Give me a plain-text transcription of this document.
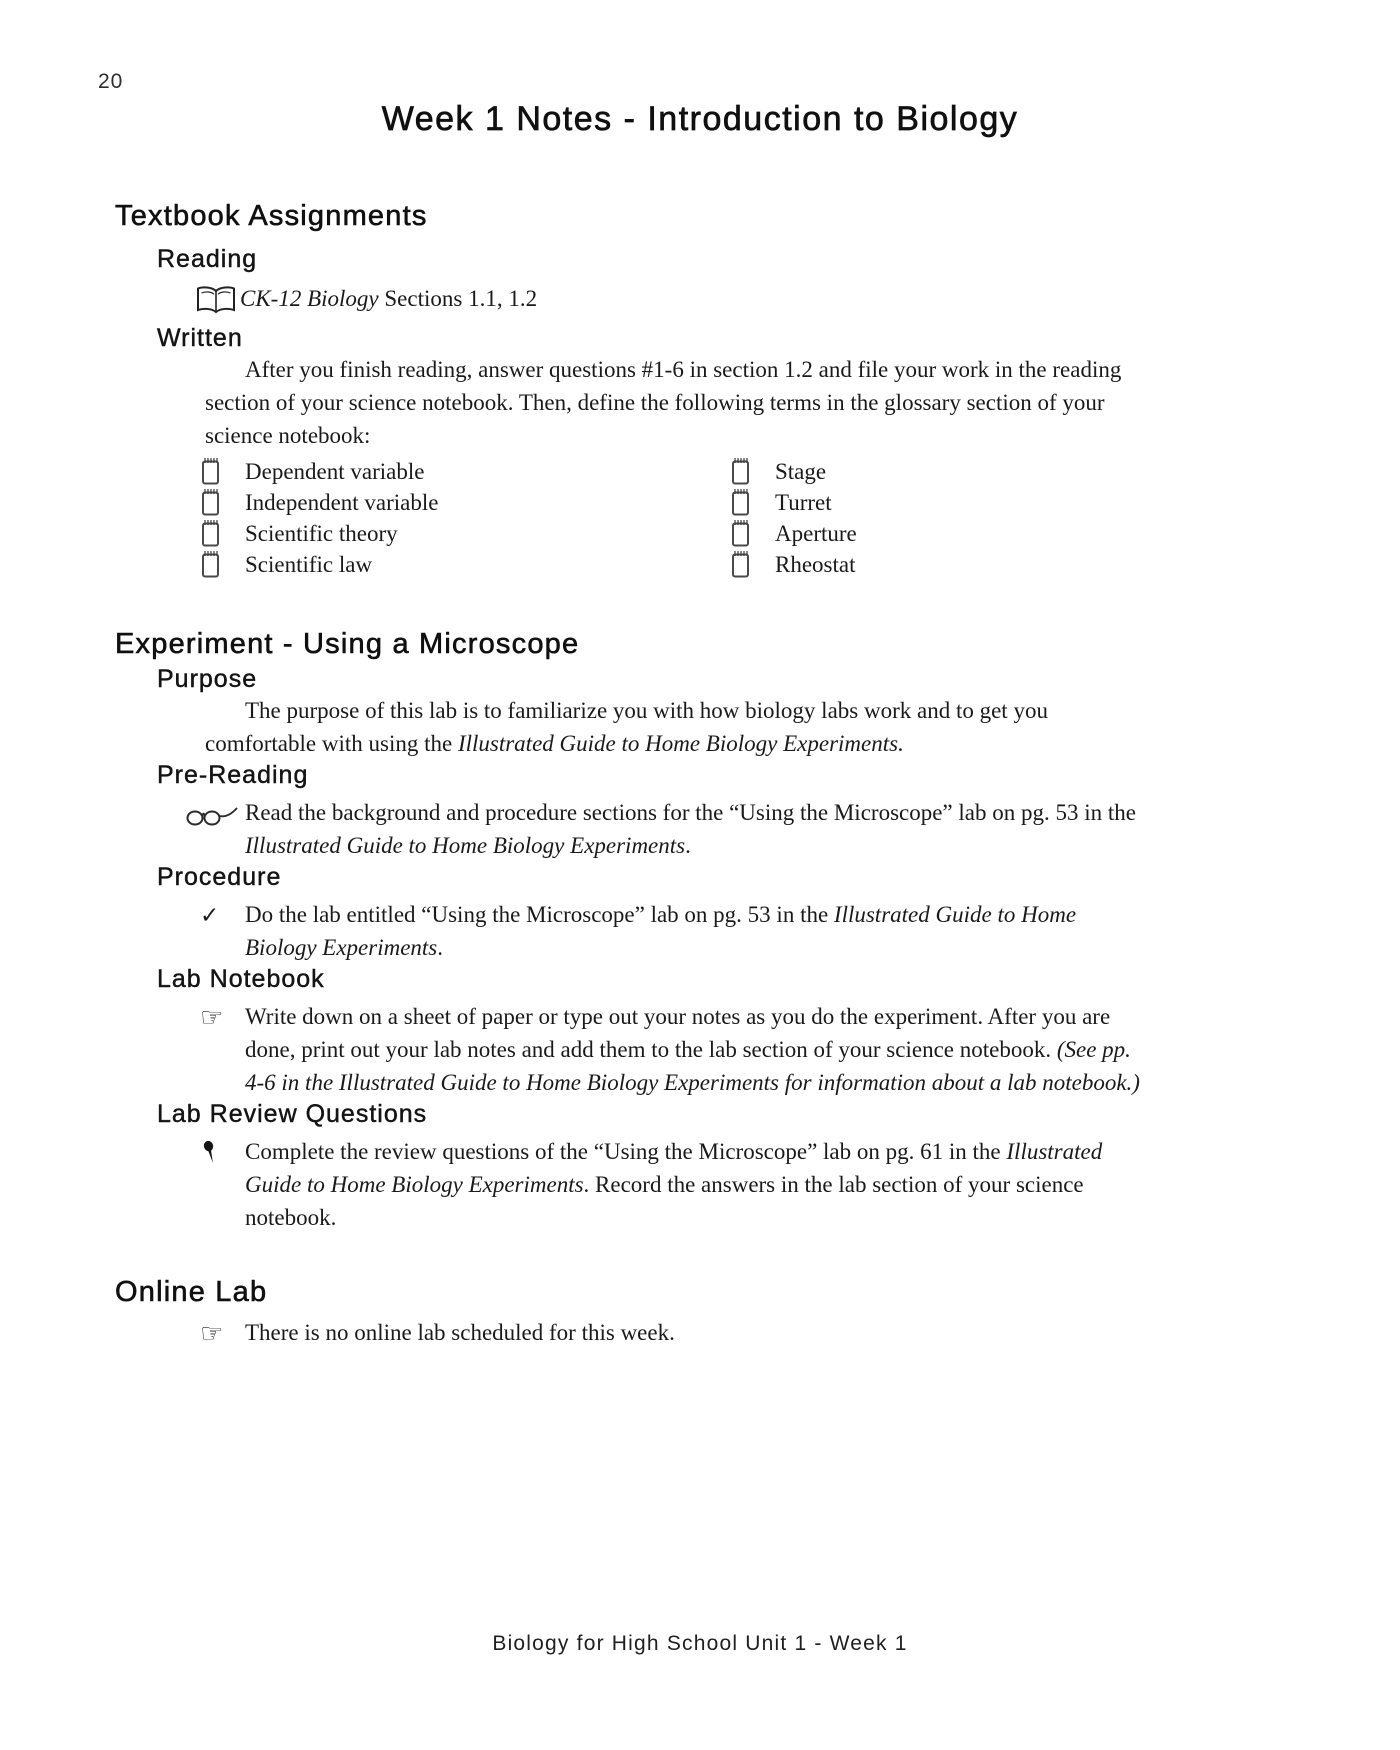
20
Week 1 Notes - Introduction to Biology
Textbook Assignments
Reading
CK-12 Biology Sections 1.1, 1.2
Written

After you finish reading, answer questions #1-6 in section 1.2 and file your work in the reading section of your science notebook. Then, define the following terms in the glossary section of your science notebook:

Dependent variable	Stage
Independent variable	Turret
Scientific theory	Aperture
Scientific law	Rheostat
Experiment - Using a Microscope
Purpose

The purpose of this lab is to familiarize you with how biology labs work and to get you comfortable with using the Illustrated Guide to Home Biology Experiments.

Pre-Reading
Read the background and procedure sections for the “Using the Microscope” lab on pg. 53 in the Illustrated Guide to Home Biology Experiments.
Procedure
✓	Do the lab entitled “Using the Microscope” lab on pg. 53 in the Illustrated Guide to Home Biology Experiments.
Lab Notebook
☞ Write down on a sheet of paper or type out your notes as you do the experiment. After you are done, print out your lab notes and add them to the lab section of your science notebook. (See pp. 4-6 in the Illustrated Guide to Home Biology Experiments for information about a lab notebook.)
Lab Review Questions
Complete the review questions of the “Using the Microscope” lab on pg. 61 in the Illustrated Guide to Home Biology Experiments. Record the answers in the lab section of your science notebook.
Online Lab
☞ There is no online lab scheduled for this week.
Biology for High School Unit 1 - Week 1
